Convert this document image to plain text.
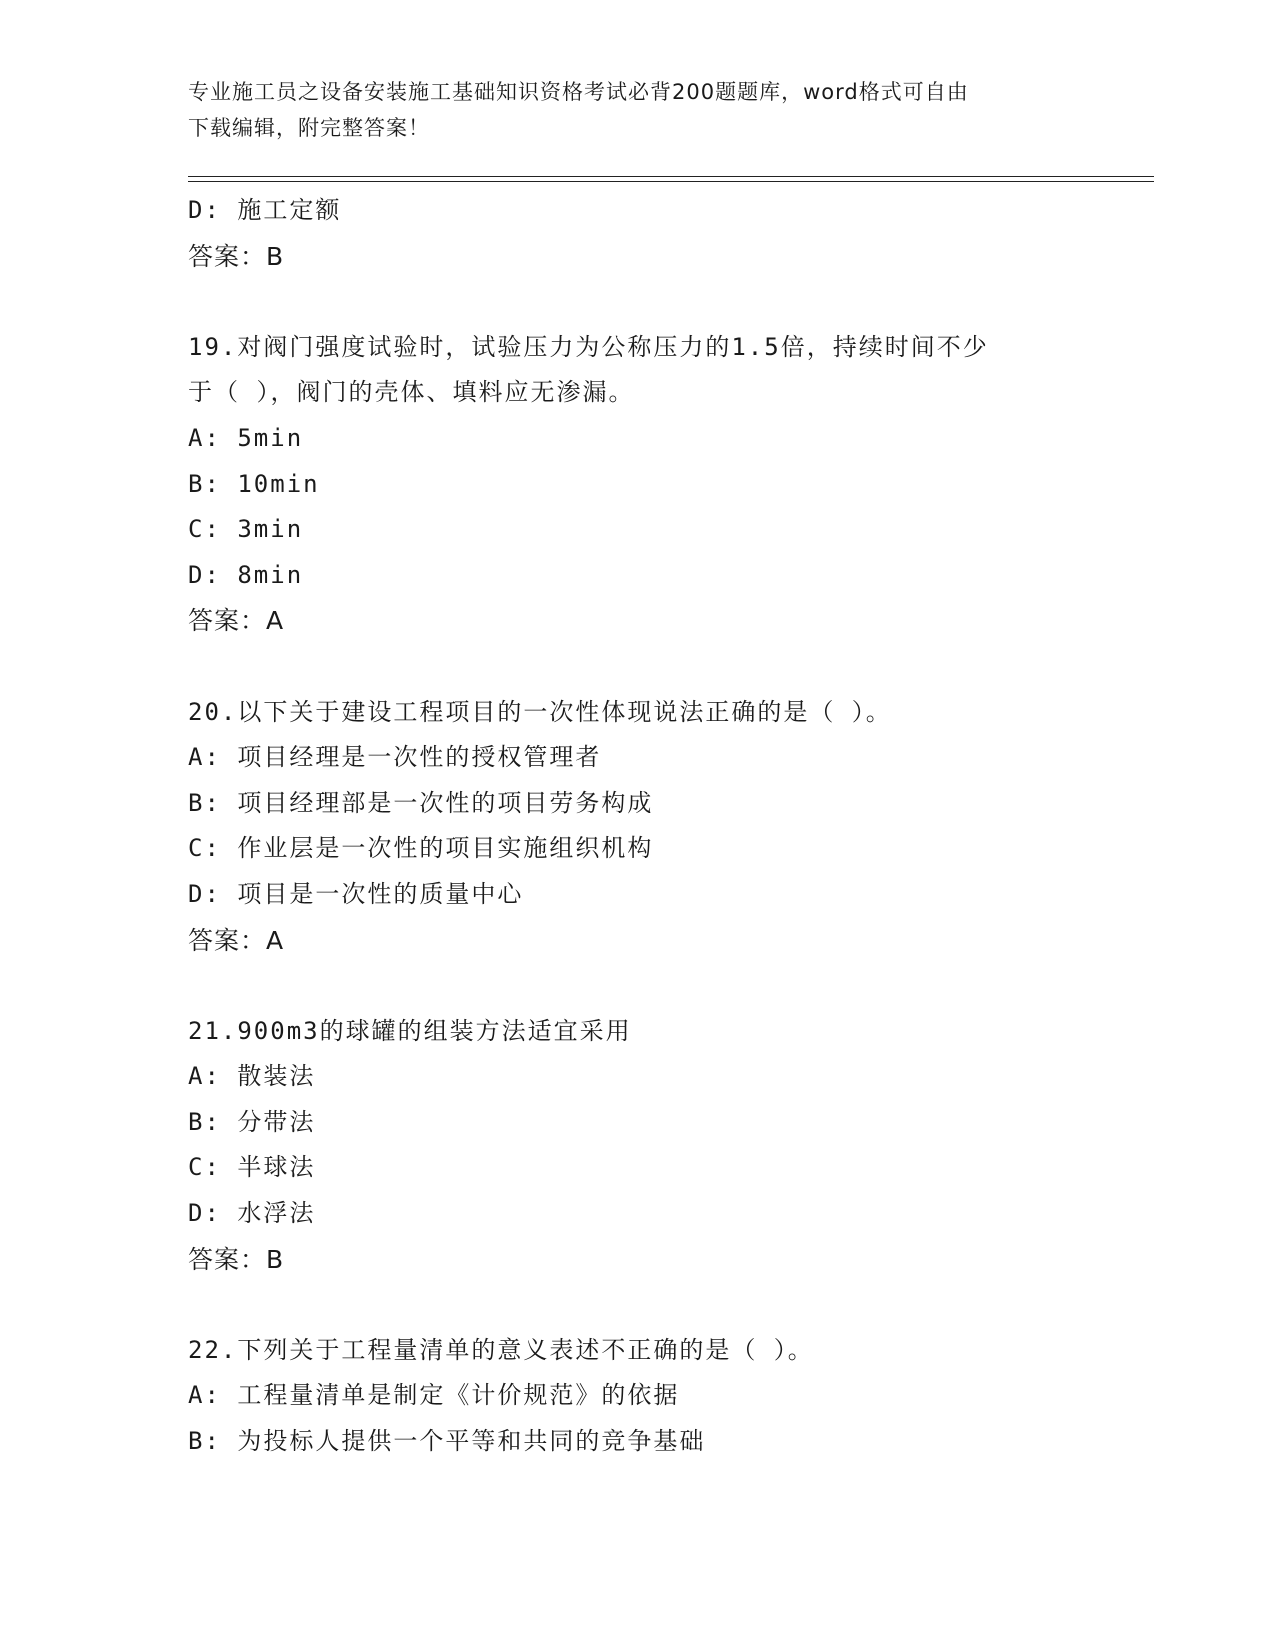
专业施工员之设备安装施工基础知识资格考试必背200题题库，word格式可自由
下载编辑，附完整答案！
D: 施工定额
答案：B
19.对阀门强度试验时，试验压力为公称压力的1.5倍，持续时间不少
于（ ），阀门的壳体、填料应无渗漏。
A: 5min
B: 10min
C: 3min
D: 8min
答案：A
20.以下关于建设工程项目的一次性体现说法正确的是（ ）。
A: 项目经理是一次性的授权管理者
B: 项目经理部是一次性的项目劳务构成
C: 作业层是一次性的项目实施组织机构
D: 项目是一次性的质量中心
答案：A
21.900m3的球罐的组装方法适宜采用
A: 散装法
B: 分带法
C: 半球法
D: 水浮法
答案：B
22.下列关于工程量清单的意义表述不正确的是（ ）。
A: 工程量清单是制定《计价规范》的依据
B: 为投标人提供一个平等和共同的竞争基础
